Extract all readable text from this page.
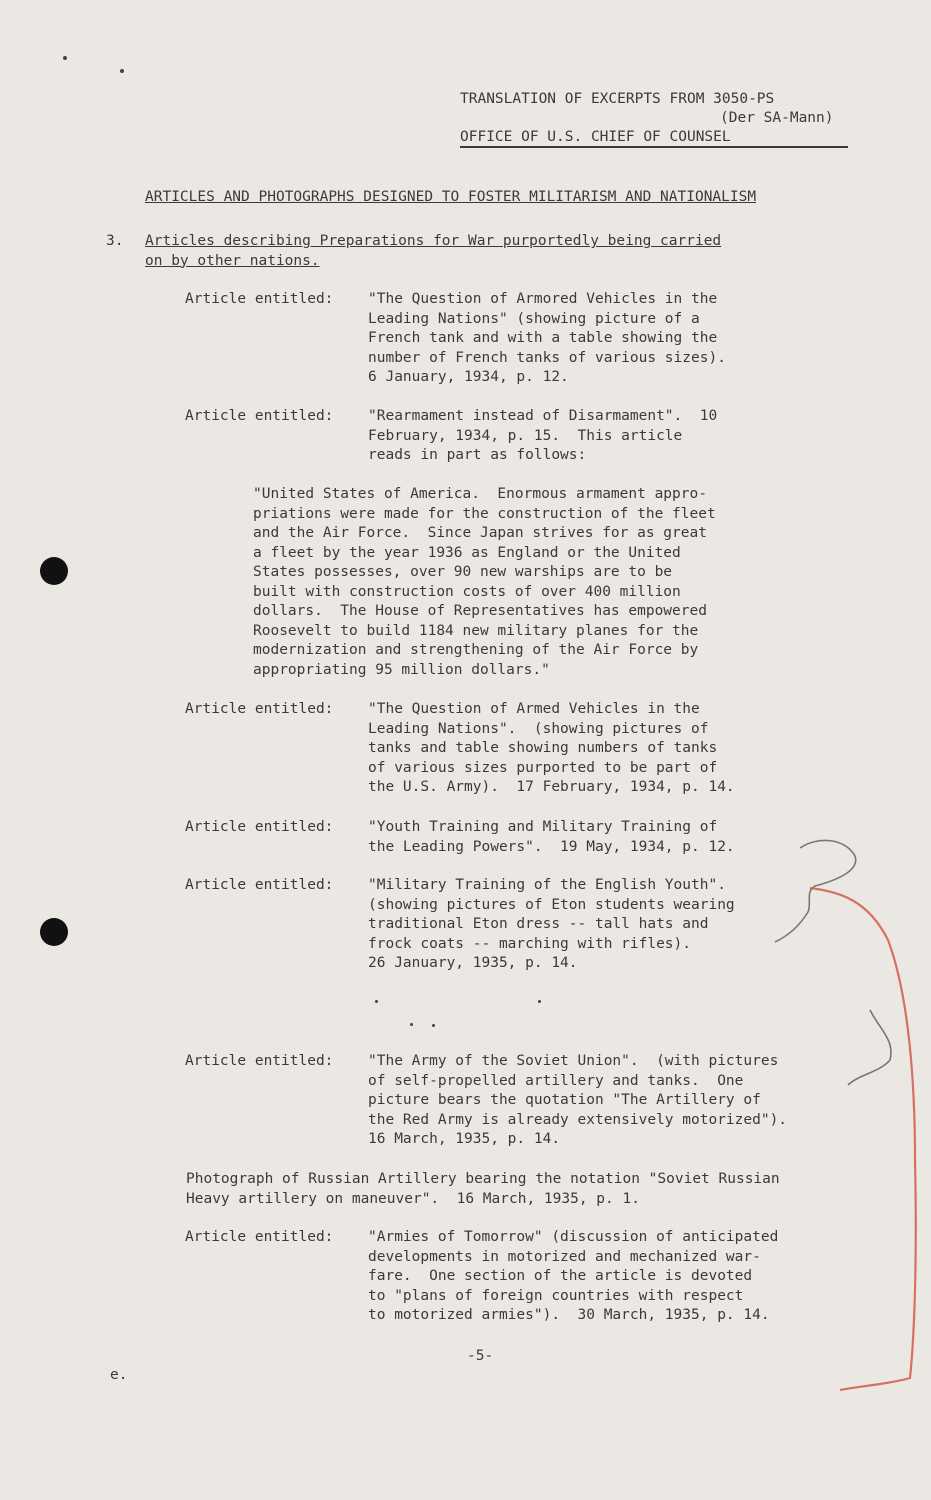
TRANSLATION OF EXCERPTS FROM 3050-PS

(Der SA-Mann)

OFFICE OF U.S. CHIEF OF COUNSEL

ARTICLES AND PHOTOGRAPHS DESIGNED TO FOSTER MILITARISM AND NATIONALISM

3. Articles describing Preparations for War purportedly being carried
on by other nations.

Article entitled: "The Question of Armored Vehicles in the
Leading Nations" (showing picture of a
French tank and with a table showing the
number of French tanks of various sizes).
6 January, 1934, p. 12.

Article entitled: "Rearmament instead of Disarmament".  10
February, 1934, p. 15.  This article
reads in part as follows:

"United States of America.  Enormous armament appro-
priations were made for the construction of the fleet
and the Air Force.  Since Japan strives for as great
a fleet by the year 1936 as England or the United
States possesses, over 90 new warships are to be
built with construction costs of over 400 million
dollars.  The House of Representatives has empowered
Roosevelt to build 1184 new military planes for the
modernization and strengthening of the Air Force by
appropriating 95 million dollars."

Article entitled: "The Question of Armed Vehicles in the
Leading Nations".  (showing pictures of
tanks and table showing numbers of tanks
of various sizes purported to be part of
the U.S. Army).  17 February, 1934, p. 14.

Article entitled: "Youth Training and Military Training of
the Leading Powers".  19 May, 1934, p. 12.

Article entitled: "Military Training of the English Youth".
(showing pictures of Eton students wearing
traditional Eton dress -- tall hats and
frock coats -- marching with rifles).
26 January, 1935, p. 14.

Article entitled: "The Army of the Soviet Union".  (with pictures
of self-propelled artillery and tanks.  One
picture bears the quotation "The Artillery of
the Red Army is already extensively motorized").
16 March, 1935, p. 14.

Photograph of Russian Artillery bearing the notation "Soviet Russian
Heavy artillery on maneuver".  16 March, 1935, p. 1.

Article entitled: "Armies of Tomorrow" (discussion of anticipated
developments in motorized and mechanized war-
fare.  One section of the article is devoted
to "plans of foreign countries with respect
to motorized armies").  30 March, 1935, p. 14.

-5-

e.
